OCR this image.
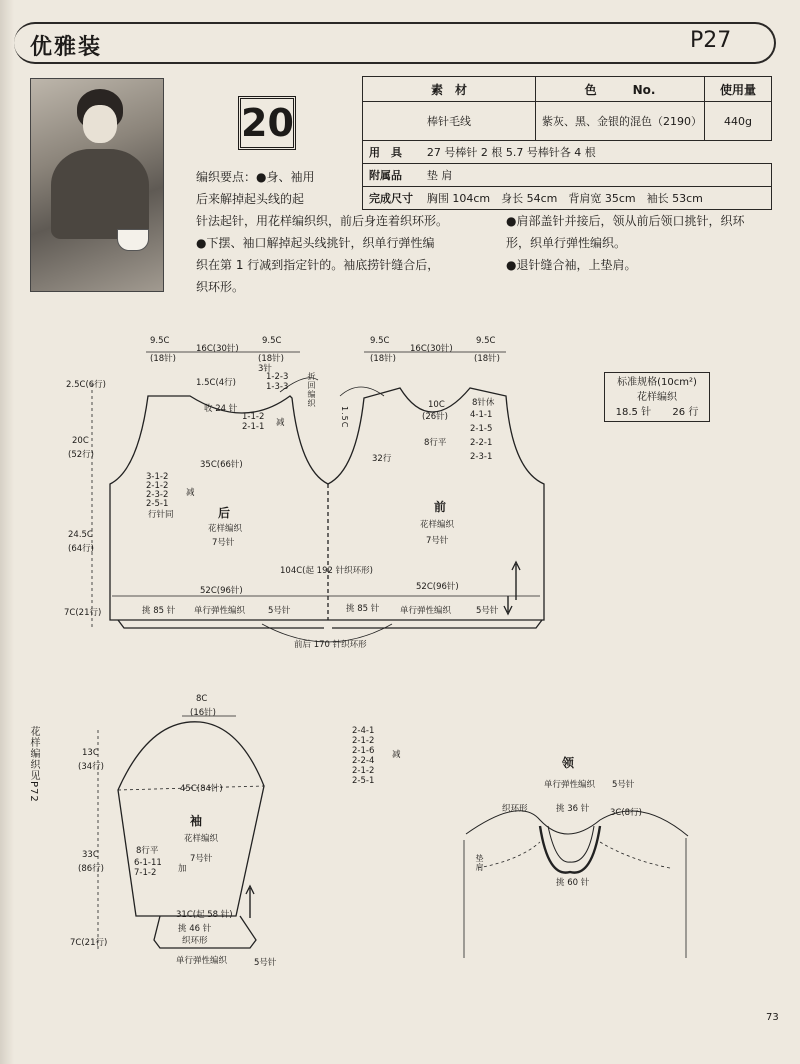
花样编织见P72
优雅装	P27
20
素　材	色　　　No.	使用量
棒针毛线	紫灰、黑、金银的混色（2190）	440g
用　具 27 号棒针 2 根 5.7 号棒针各 4 根		
附属品 垫 肩		
完成尺寸 胸围 104cm　身长 54cm　背肩宽 35cm　袖长 53cm		
编织要点：●身、袖用
后来解掉起头线的起
针法起针，用花样编织织，前后身连着织环形。
●下摆、袖口解掉起头线挑针，织单行弹性编
织在第 1 行减到指定针的。袖底捞针缝合后，
织环形。
●肩部盖针并接后，领从前后领口挑针，织环
形，织单行弹性编织。
●退针缝合袖，上垫肩。
标准规格(10cm²)
花样编织
18.5 针 26 行
9.5C
(18针)
16C(30针)
9.5C
(18针)
9.5C
(18针)
16C(30针)
9.5C
(18针)
2.5C(6行)
20C
(52行)
24.5C
(64行)
7C(21行)
1.5C(4行)
3针
1-2-3
1-3-3
收 24 针
1-1-2
2-1-1 减
3-1-2
2-1-2
2-3-2
2-5-1
行针同
减
折回编织
1.5C
35C(66针)
后
花样编织
7号针
前
花样编织
7号针
10C
(26针)
8针休
4-1-1
2-1-5
2-2-1
2-3-1
8行平
32行
104C(起 192 针织环形)
52C(96针)	52C(96针)
挑 85 针 单行弹性编织	5号针	挑 85 针 单行弹性编织	5号针
前后 170 针织环形
8C
(16针)
13C
(34行)
2-4-1
2-1-2
2-1-6
2-2-4
2-1-2
2-5-1
减
45C(84针)
袖
花样编织
7号针
33C
(86行)
8行平
6-1-11
7-1-2	加
31C(起 58 针)
挑 46 针
织环形
7C(21行)
单行弹性编织	5号针
领
单行弹性编织 5号针
织环形	挑 36 针 3C(8行)
垫肩
挑 60 针
73
